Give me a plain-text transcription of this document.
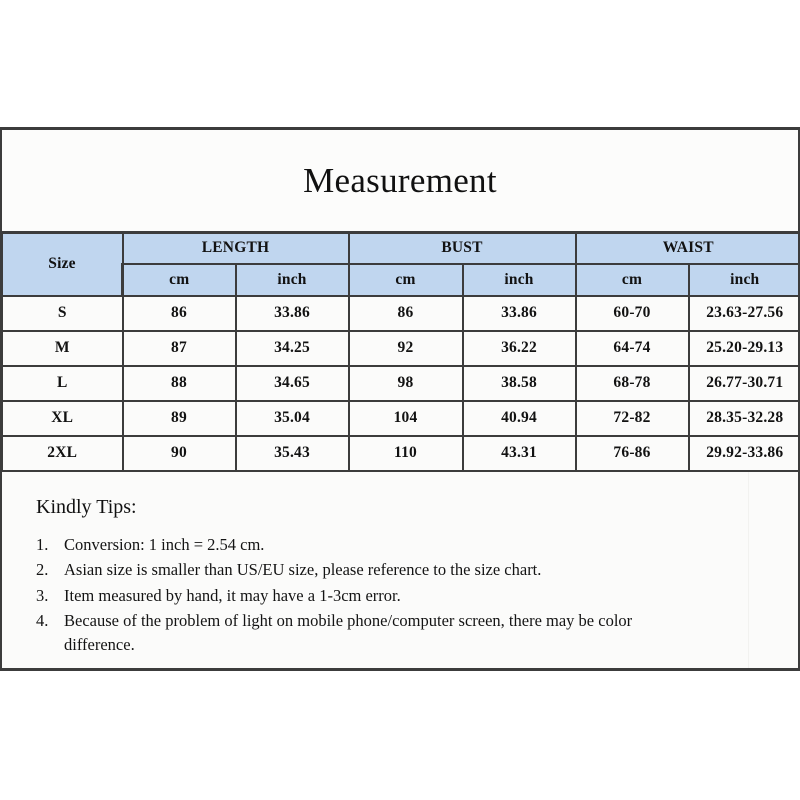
Measurement
Size	LENGTH		BUST		WAIST	
	cm	inch	cm	inch	cm	inch
S	86	33.86	86	33.86	60-70	23.63-27.56
M	87	34.25	92	36.22	64-74	25.20-29.13
L	88	34.65	98	38.58	68-78	26.77-30.71
XL	89	35.04	104	40.94	72-82	28.35-32.28
2XL	90	35.43	110	43.31	76-86	29.92-33.86
Kindly Tips:
1. Conversion: 1 inch = 2.54 cm.
2. Asian size is smaller than US/EU size, please reference to the size chart.
3. Item measured by hand, it may have a 1-3cm error.
4. Because of the problem of light on mobile phone/computer screen, there may be color difference.
